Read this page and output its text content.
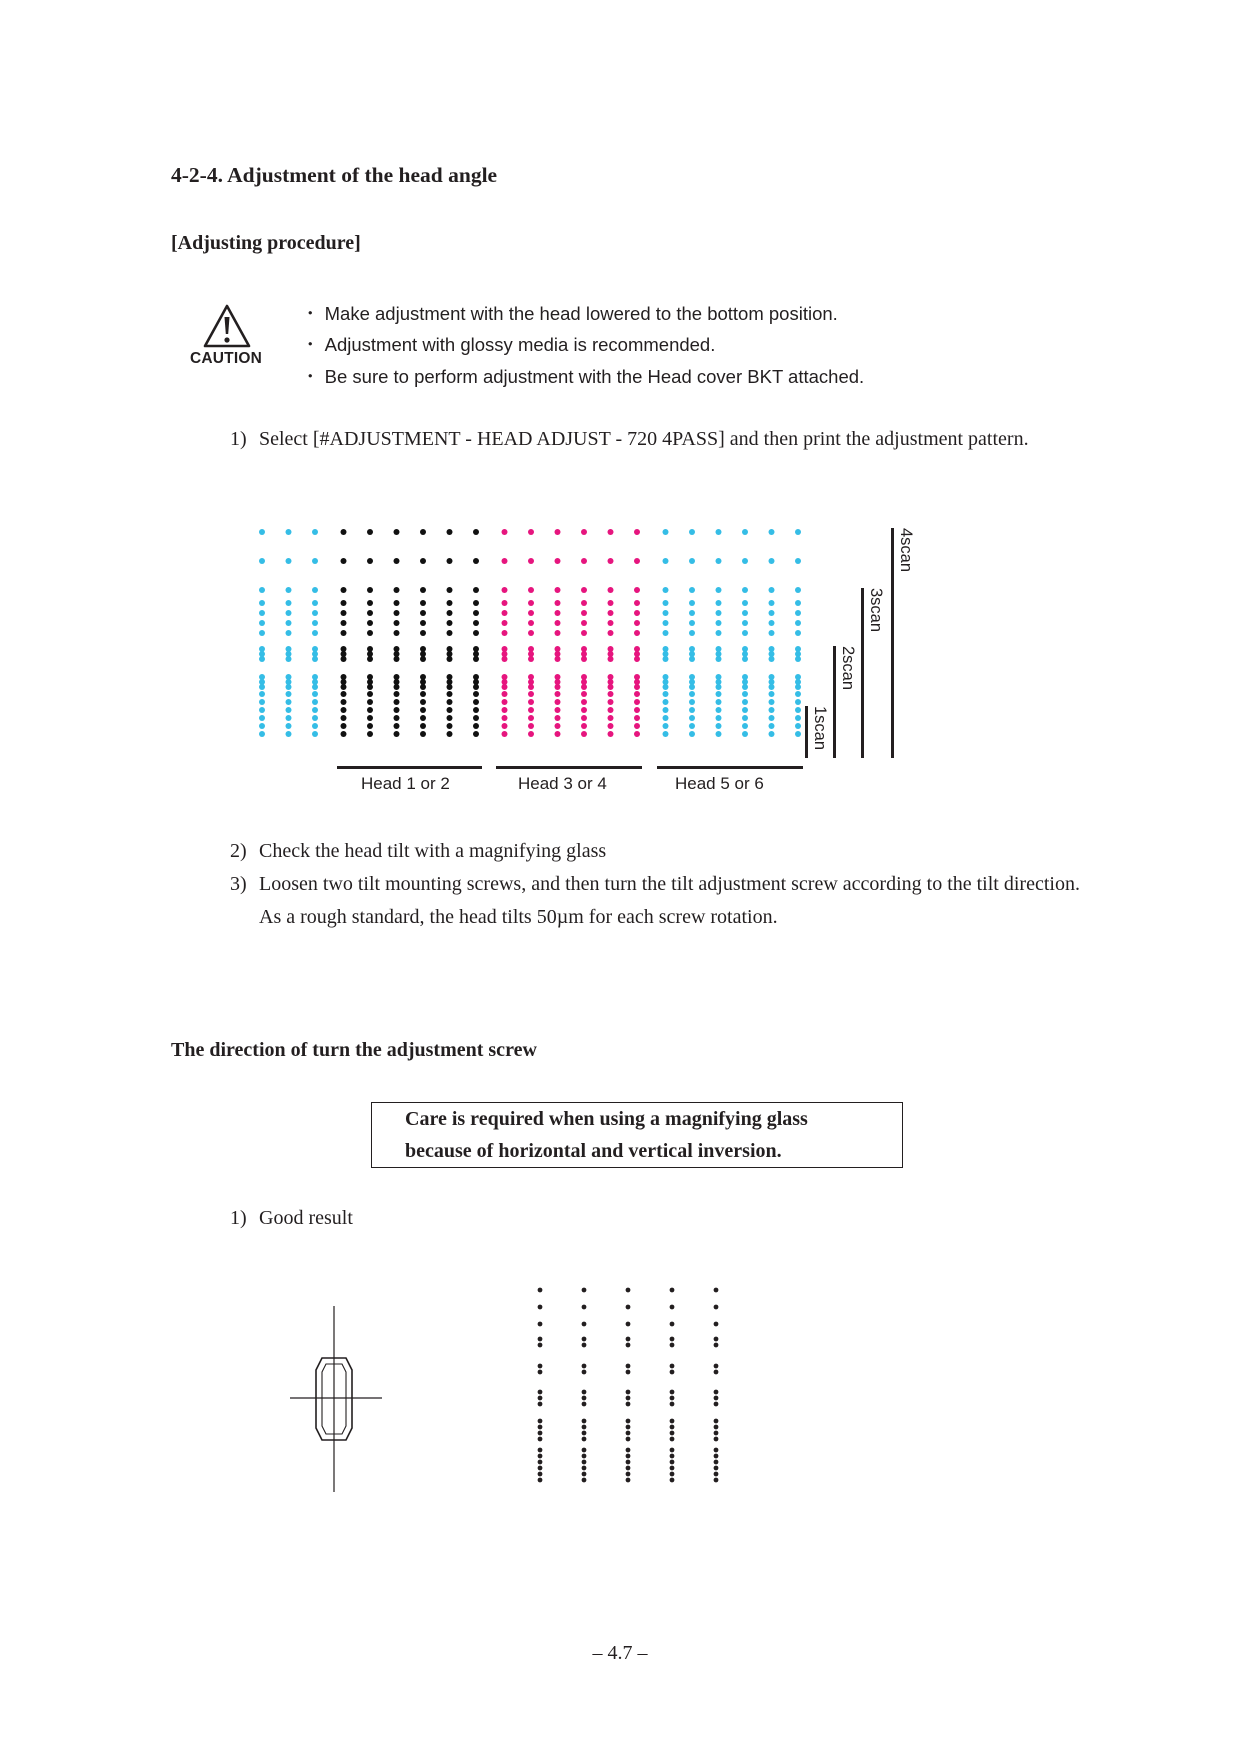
4-2-4. Adjustment of the head angle
[Adjusting procedure]
CAUTION
・ Make adjustment with the head lowered to the bottom position.
・ Adjustment with glossy media is recommended.
・ Be sure to perform adjustment with the Head cover BKT attached.
1) Select [#ADJUSTMENT - HEAD ADJUST - 720 4PASS] and then print the adjustment pattern.
Head 1 or 2	Head 3 or 4	Head 5 or 6
1scan
2scan
3scan
4scan
2) Check the head tilt with a magnifying glass
3) Loosen two tilt mounting screws, and then turn the tilt adjustment screw according to the tilt direction. As a rough standard, the head tilts 50µm for each screw rotation.
The direction of turn the adjustment screw
Care is required when using a magnifying glass
because of horizontal and vertical inversion.
1) Good result
– 4.7 –
